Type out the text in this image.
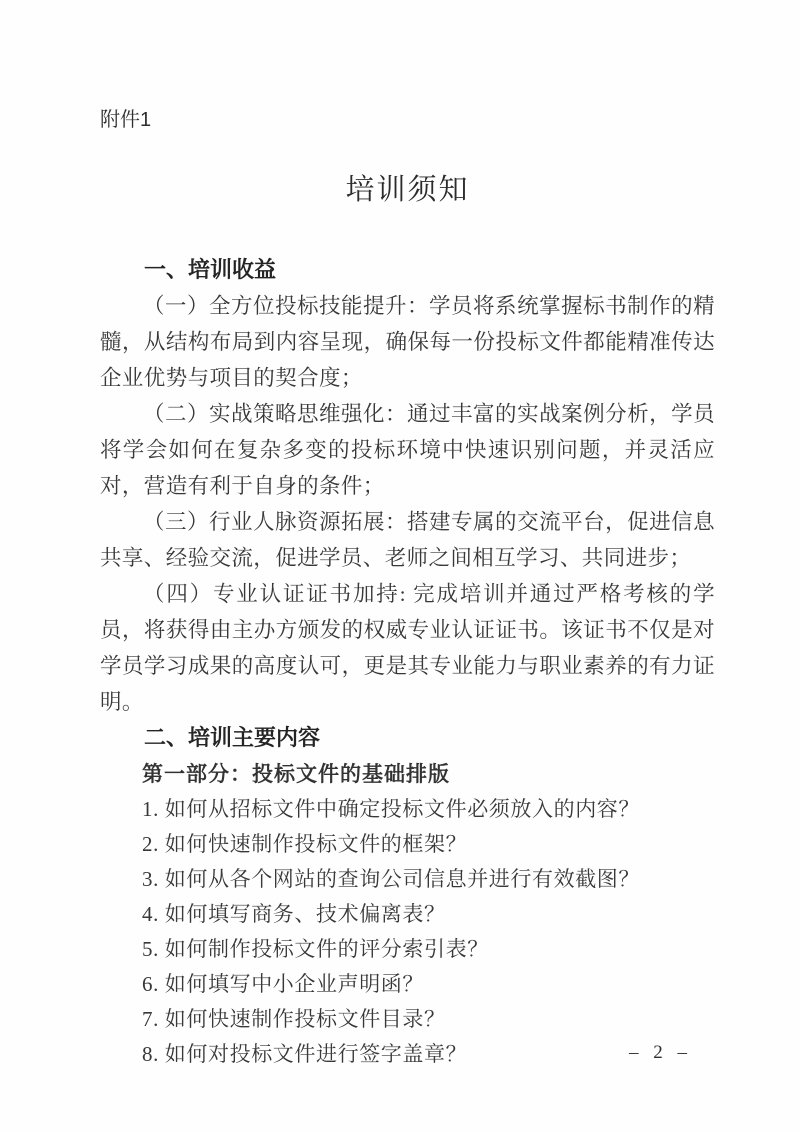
附件1
培训须知
一、培训收益

（一）全方位投标技能提升：学员将系统掌握标书制作的精髓，从结构布局到内容呈现，确保每一份投标文件都能精准传达企业优势与项目的契合度；

（二）实战策略思维强化：通过丰富的实战案例分析，学员将学会如何在复杂多变的投标环境中快速识别问题，并灵活应对，营造有利于自身的条件；

（三）行业人脉资源拓展：搭建专属的交流平台，促进信息共享、经验交流，促进学员、老师之间相互学习、共同进步；

（四）专业认证证书加持: 完成培训并通过严格考核的学员，将获得由主办方颁发的权威专业认证证书。该证书不仅是对学员学习成果的高度认可，更是其专业能力与职业素养的有力证明。

二、培训主要内容
第一部分：投标文件的基础排版
1. 如何从招标文件中确定投标文件必须放入的内容？
2. 如何快速制作投标文件的框架？
3. 如何从各个网站的查询公司信息并进行有效截图？
4. 如何填写商务、技术偏离表？
5. 如何制作投标文件的评分索引表？
6. 如何填写中小企业声明函？
7. 如何快速制作投标文件目录？
8. 如何对投标文件进行签字盖章？	– 2 –
